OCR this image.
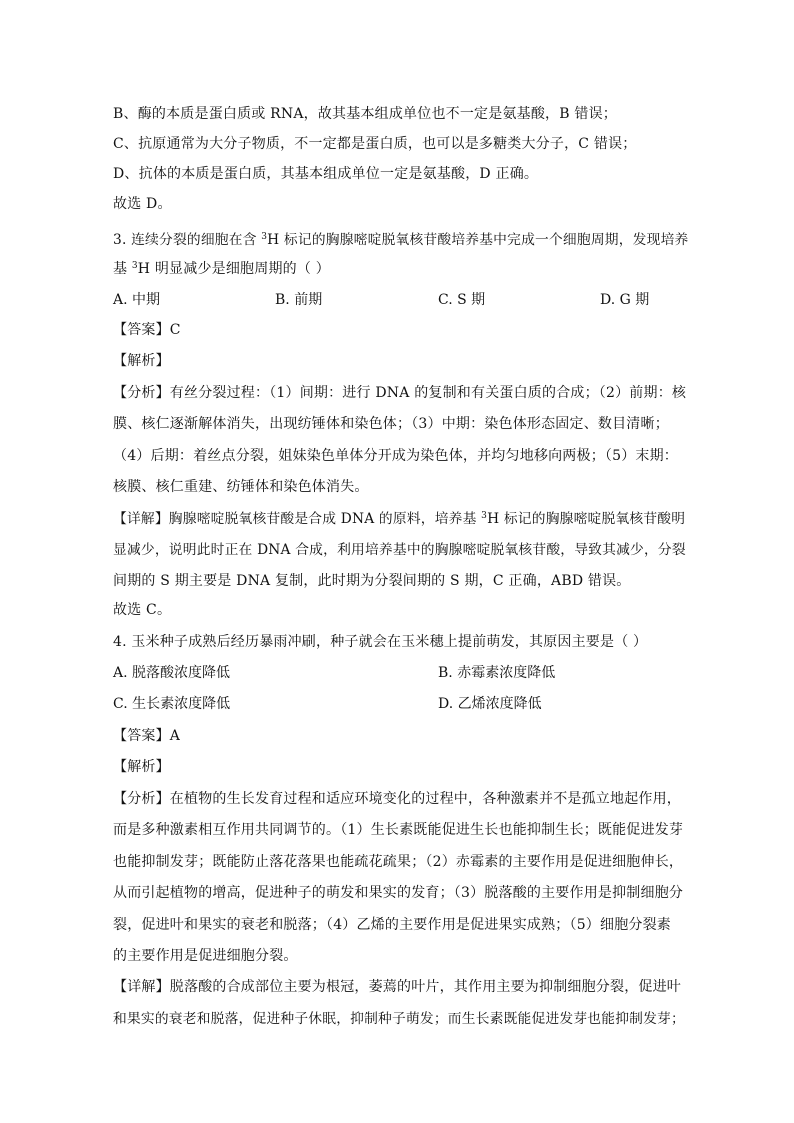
B、酶的本质是蛋白质或 RNA，故其基本组成单位也不一定是氨基酸，B 错误；
C、抗原通常为大分子物质，不一定都是蛋白质，也可以是多糖类大分子，C 错误；
D、抗体的本质是蛋白质，其基本组成单位一定是氨基酸，D 正确。
故选 D。
3. 连续分裂的细胞在含 $^3$H 标记的胸腺嘧啶脱氧核苷酸培养基中完成一个细胞周期，发现培养
基 $^3$H 明显减少是细胞周期的（ ）
A. 中期	B. 前期	C. S 期	D. G 期
【答案】C
【解析】
【分析】有丝分裂过程：（1）间期：进行 DNA 的复制和有关蛋白质的合成；（2）前期：核
膜、核仁逐渐解体消失，出现纺锤体和染色体；（3）中期：染色体形态固定、数目清晰；
（4）后期：着丝点分裂，姐妹染色单体分开成为染色体，并均匀地移向两极；（5）末期：
核膜、核仁重建、纺锤体和染色体消失。
【详解】胸腺嘧啶脱氧核苷酸是合成 DNA 的原料，培养基 $^3$H 标记的胸腺嘧啶脱氧核苷酸明
显减少，说明此时正在 DNA 合成，利用培养基中的胸腺嘧啶脱氧核苷酸，导致其减少，分裂
间期的 S 期主要是 DNA 复制，此时期为分裂间期的 S 期，C 正确，ABD 错误。
故选 C。
4. 玉米种子成熟后经历暴雨冲刷，种子就会在玉米穗上提前萌发，其原因主要是（ ）
A. 脱落酸浓度降低	B. 赤霉素浓度降低
C. 生长素浓度降低	D. 乙烯浓度降低
【答案】A
【解析】
【分析】在植物的生长发育过程和适应环境变化的过程中，各种激素并不是孤立地起作用，
而是多种激素相互作用共同调节的。（1）生长素既能促进生长也能抑制生长；既能促进发芽
也能抑制发芽；既能防止落花落果也能疏花疏果；（2）赤霉素的主要作用是促进细胞伸长，
从而引起植物的增高，促进种子的萌发和果实的发育；（3）脱落酸的主要作用是抑制细胞分
裂，促进叶和果实的衰老和脱落；（4）乙烯的主要作用是促进果实成熟；（5）细胞分裂素
的主要作用是促进细胞分裂。
【详解】脱落酸的合成部位主要为根冠，萎蔫的叶片，其作用主要为抑制细胞分裂，促进叶
和果实的衰老和脱落，促进种子休眠，抑制种子萌发；而生长素既能促进发芽也能抑制发芽；
